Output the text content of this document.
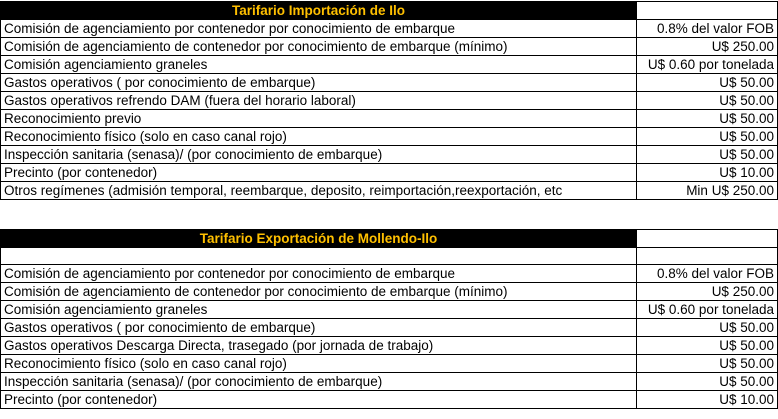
Tarifario Importación de Ilo	
Comisión de agenciamiento por contenedor por conocimiento de embarque	0.8% del valor FOB
Comisión de agenciamiento de contenedor por conocimiento de embarque (mínimo)	U$ 250.00
Comisión agenciamiento graneles	U$ 0.60 por tonelada
Gastos operativos ( por conocimiento de embarque)	U$ 50.00
Gastos operativos refrendo DAM (fuera del horario laboral)	U$ 50.00
Reconocimiento previo	U$ 50.00
Reconocimiento físico (solo en caso canal rojo)	U$ 50.00
Inspección sanitaria (senasa)/ (por conocimiento de embarque)	U$ 50.00
Precinto (por contenedor)	U$ 10.00
Otros regímenes (admisión temporal, reembarque, deposito, reimportación,reexportación, etc	Min U$ 250.00
Tarifario Exportación de Mollendo-Ilo	

Comisión de agenciamiento por contenedor por conocimiento de embarque	0.8% del valor FOB
Comisión de agenciamiento de contenedor por conocimiento de embarque (mínimo)	U$ 250.00
Comisión agenciamiento graneles	U$ 0.60 por tonelada
Gastos operativos ( por conocimiento de embarque)	U$ 50.00
Gastos operativos Descarga Directa, trasegado (por jornada de trabajo)	U$ 50.00
Reconocimiento físico (solo en caso canal rojo)	U$ 50.00
Inspección sanitaria (senasa)/ (por conocimiento de embarque)	U$ 50.00
Precinto (por contenedor)	U$ 10.00
